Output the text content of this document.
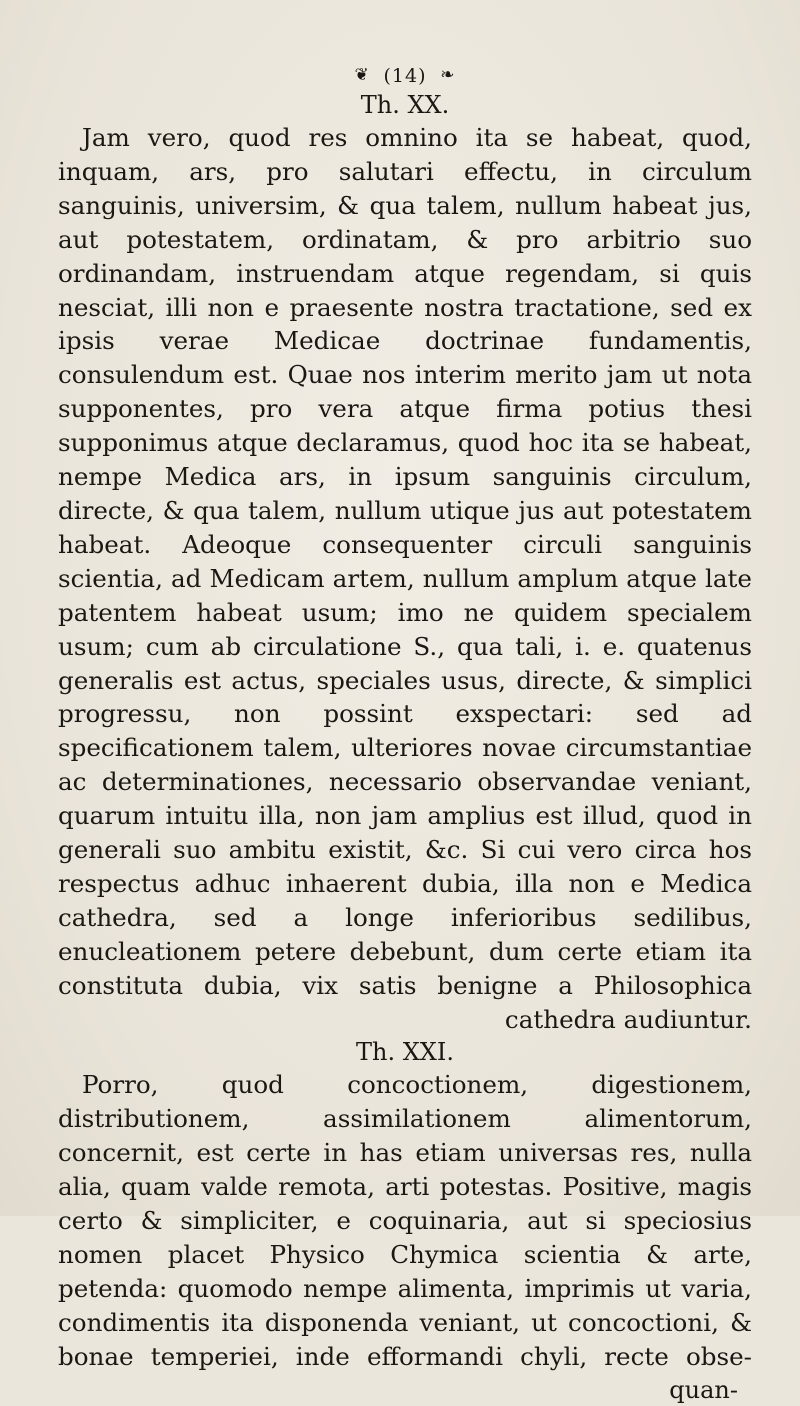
❦ (14) ❧
Th. XX.

Jam vero, quod res omnino ita se habeat, quod, inquam, ars, pro salutari effectu, in circulum sanguinis, universim, & qua talem, nullum habeat jus, aut potestatem, ordinatam, & pro arbitrio suo ordinandam, instruendam atque regendam, si quis nesciat, illi non e praesente nostra tractatione, sed ex ipsis verae Medicae doctrinae fundamentis, consulendum est. Quae nos interim merito jam ut nota supponentes, pro vera atque firma potius thesi supponimus atque declaramus, quod hoc ita se habeat, nempe Medica ars, in ipsum sanguinis circulum, directe, & qua talem, nullum utique jus aut potestatem habeat. Adeoque consequenter circuli sanguinis scientia, ad Medicam artem, nullum amplum atque late patentem habeat usum; imo ne quidem specialem usum; cum ab circulatione S., qua tali, i. e. quatenus generalis est actus, speciales usus, directe, & simplici progressu, non possint exspectari: sed ad specificationem talem, ulteriores novae circumstantiae ac determinationes, necessario observandae veniant, quarum intuitu illa, non jam amplius est illud, quod in generali suo ambitu existit, &c. Si cui vero circa hos respectus adhuc inhaerent dubia, illa non e Medica cathedra, sed a longe inferioribus sedilibus, enucleationem petere debebunt, dum certe etiam ita constituta dubia, vix satis benigne a Philosophica cathedra audiuntur.

Th. XXI.

Porro, quod concoctionem, digestionem, distributionem, assimilationem alimentorum, concernit, est certe in has etiam universas res, nulla alia, quam valde remota, arti potestas. Positive, magis certo & simpliciter, e coquinaria, aut si speciosius nomen placet Physico Chymica scientia & arte, petenda: quomodo nempe alimenta, imprimis ut varia, condimentis ita disponenda veniant, ut concoctioni, & bonae temperiei, inde efformandi chyli, recte obse-

quan-
